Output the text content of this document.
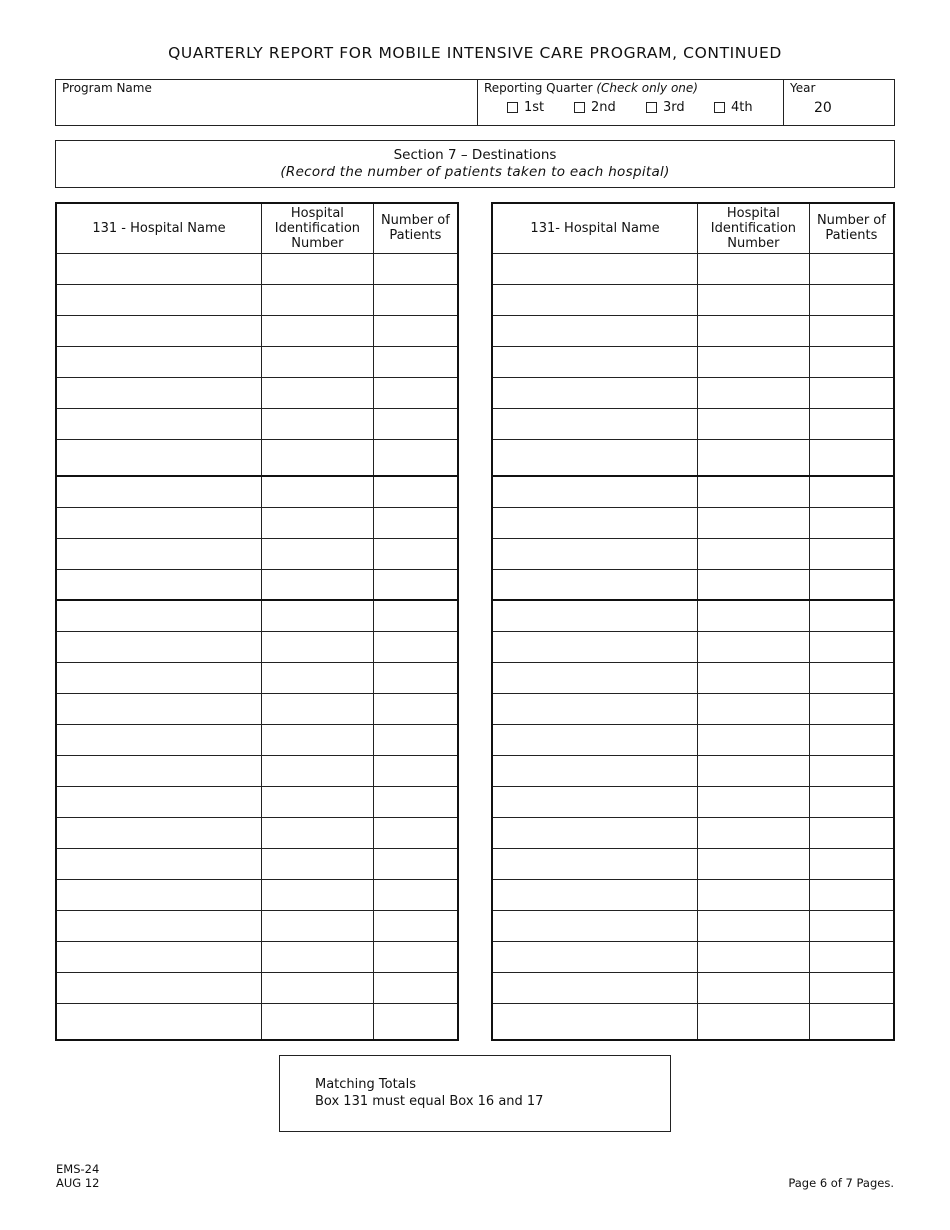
QUARTERLY REPORT FOR MOBILE INTENSIVE CARE PROGRAM, CONTINUED
Program Name	Reporting Quarter (Check only one)
1st	2nd	3rd	4th
Year
20
Section 7 – Destinations
(Record the number of patients taken to each hospital)
131 - Hospital Name	Hospital Identification Number	Number of Patients

			131- Hospital Name	Hospital Identification Number	Number of Patients

Matching Totals
Box 131 must equal Box 16 and 17
EMS-24
AUG 12	Page 6 of 7 Pages.
